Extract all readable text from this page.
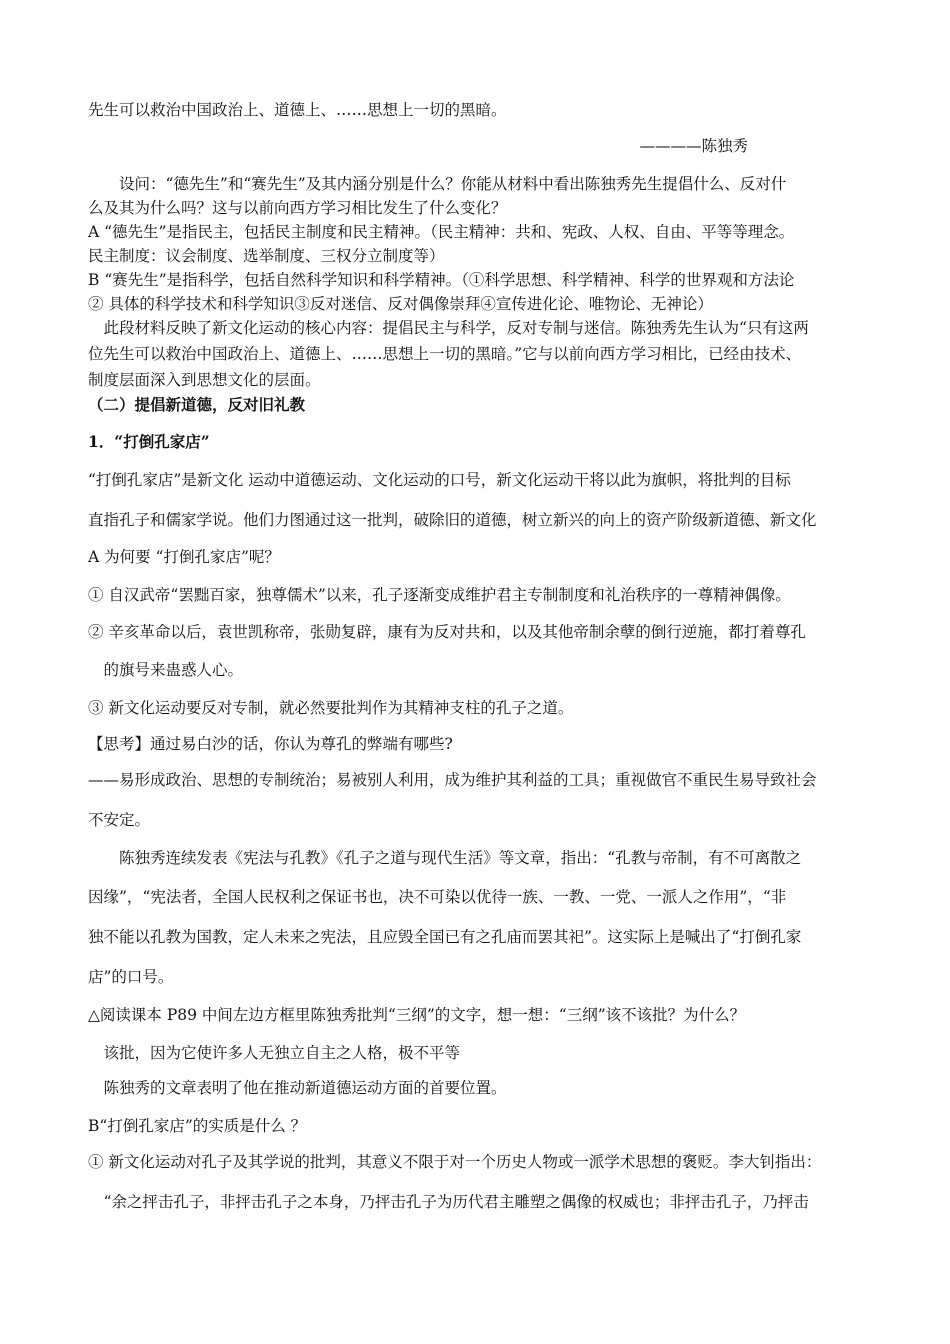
先生可以救治中国政治上、道德上、……思想上一切的黑暗。
————陈独秀
　　设问：“德先生”和“赛先生”及其内涵分别是什么？你能从材料中看出陈独秀先生提倡什么、反对什
么及其为什么吗？这与以前向西方学习相比发生了什么变化？
A “德先生”是指民主，包括民主制度和民主精神。（民主精神：共和、宪政、人权、自由、平等等理念。
民主制度：议会制度、选举制度、三权分立制度等）
B “赛先生”是指科学，包括自然科学知识和科学精神。（①科学思想、科学精神、科学的世界观和方法论
② 具体的科学技术和科学知识③反对迷信、反对偶像崇拜④宣传进化论、唯物论、无神论）
　此段材料反映了新文化运动的核心内容：提倡民主与科学，反对专制与迷信。陈独秀先生认为“只有这两
位先生可以救治中国政治上、道德上、……思想上一切的黑暗。”它与以前向西方学习相比，已经由技术、
制度层面深入到思想文化的层面。
（二）提倡新道德，反对旧礼教
1．“打倒孔家店”
“打倒孔家店”是新文化 运动中道德运动、文化运动的口号，新文化运动干将以此为旗帜，将批判的目标
直指孔子和儒家学说。他们力图通过这一批判，破除旧的道德，树立新兴的向上的资产阶级新道德、新文化
A 为何要 “打倒孔家店”呢？
① 自汉武帝“罢黜百家，独尊儒术”以来，孔子逐渐变成维护君主专制制度和礼治秩序的一尊精神偶像。
② 辛亥革命以后，袁世凯称帝，张勋复辟，康有为反对共和，以及其他帝制余孽的倒行逆施，都打着尊孔
　的旗号来蛊惑人心。
③ 新文化运动要反对专制，就必然要批判作为其精神支柱的孔子之道。
【思考】通过易白沙的话，你认为尊孔的弊端有哪些?
——易形成政治、思想的专制统治；易被别人利用，成为维护其利益的工具；重视做官不重民生易导致社会
不安定。
　　陈独秀连续发表《宪法与孔教》《孔子之道与现代生活》等文章，指出：“孔教与帝制，有不可离散之
因缘”，“宪法者，全国人民权利之保证书也，决不可染以优待一族、一教、一党、一派人之作用”，“非
独不能以孔教为国教，定人未来之宪法，且应毁全国已有之孔庙而罢其祀”。这实际上是喊出了“打倒孔家
店”的口号。
△阅读课本 P89 中间左边方框里陈独秀批判“三纲”的文字，想一想：“三纲”该不该批？为什么？
　该批，因为它使许多人无独立自主之人格，极不平等
　陈独秀的文章表明了他在推动新道德运动方面的首要位置。
B“打倒孔家店”的实质是什么 ？
① 新文化运动对孔子及其学说的批判，其意义不限于对一个历史人物或一派学术思想的褒贬。李大钊指出：
　“余之抨击孔子，非抨击孔子之本身，乃抨击孔子为历代君主雕塑之偶像的权威也；非抨击孔子，乃抨击
